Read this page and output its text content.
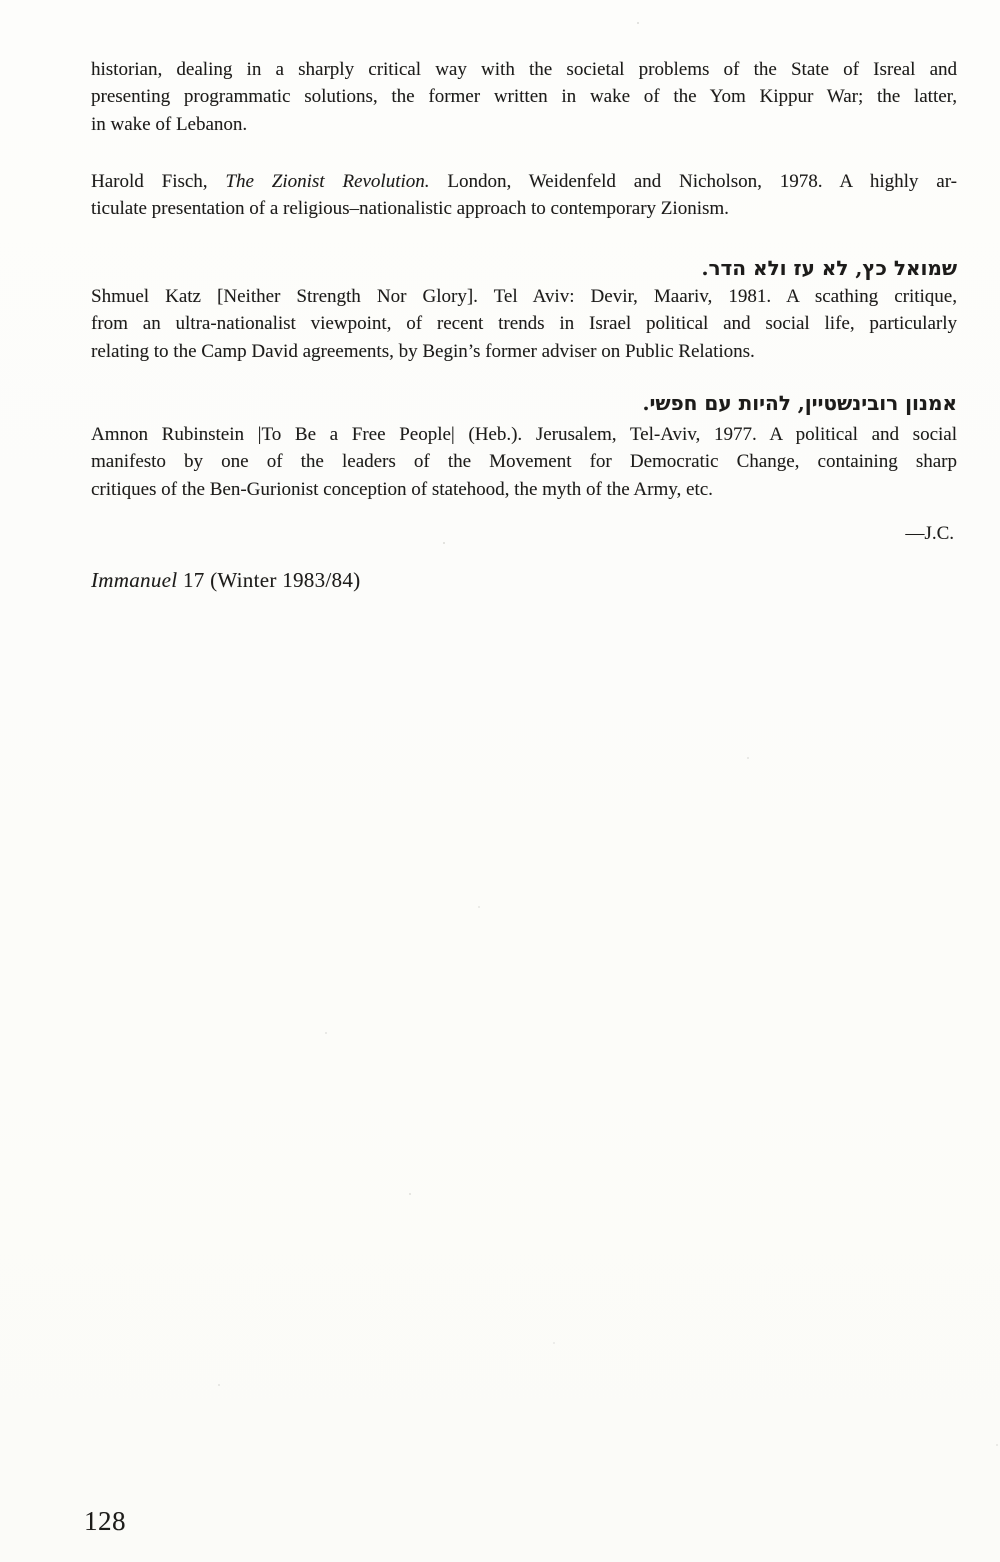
historian, dealing in a sharply critical way with the societal problems of the State of Isreal and
presenting programmatic solutions, the former written in wake of the Yom Kippur War; the latter,
in wake of Lebanon.
Harold Fisch, The Zionist Revolution. London, Weidenfeld and Nicholson, 1978. A highly ar-
ticulate presentation of a religious–nationalistic approach to contemporary Zionism.
שמואל כץ, לא עז ולא הדר.
Shmuel Katz [Neither Strength Nor Glory]. Tel Aviv: Devir, Maariv, 1981. A scathing critique,
from an ultra-nationalist viewpoint, of recent trends in Israel political and social life, particularly
relating to the Camp David agreements, by Begin’s former adviser on Public Relations.
אמנון רובינשטיין, להיות עם חפשי.
Amnon Rubinstein |To Be a Free People| (Heb.). Jerusalem, Tel-Aviv, 1977. A political and social
manifesto by one of the leaders of the Movement for Democratic Change, containing sharp
critiques of the Ben-Gurionist conception of statehood, the myth of the Army, etc.
—J.C.
Immanuel 17 (Winter 1983/84)
128
